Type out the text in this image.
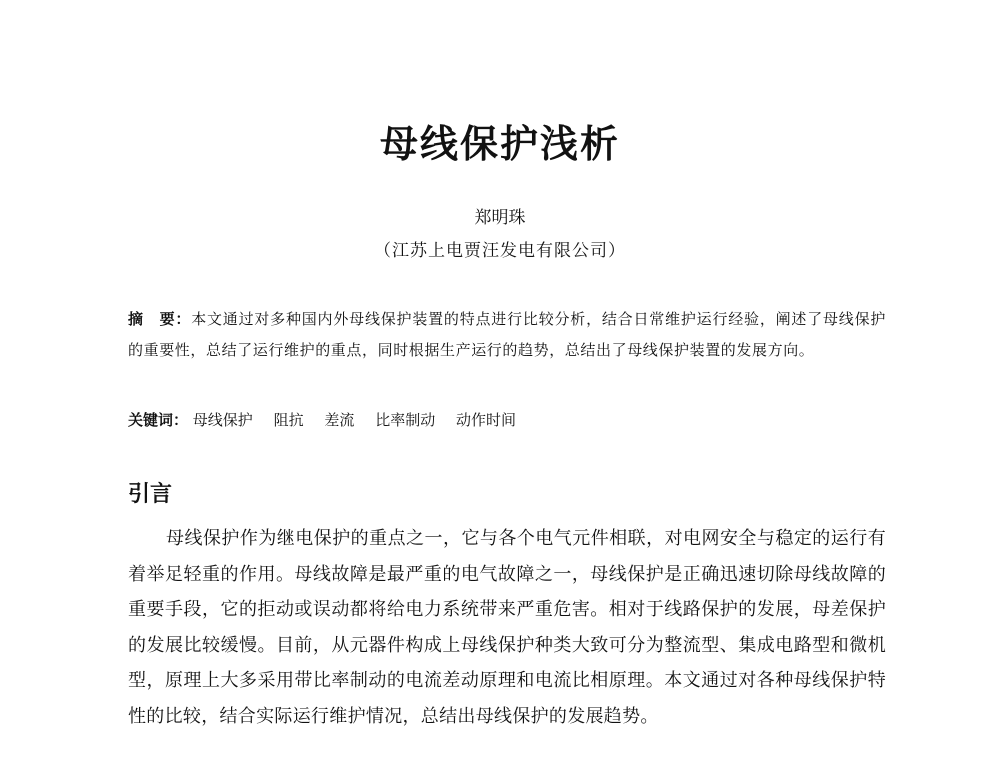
母线保护浅析
郑明珠
（江苏上电贾汪发电有限公司）
摘　要：本文通过对多种国内外母线保护装置的特点进行比较分析，结合日常维护运行经验，阐述了母线保护的重要性，总结了运行维护的重点，同时根据生产运行的趋势，总结出了母线保护装置的发展方向。
关键词： 母线保护 阻抗 差流 比率制动 动作时间
引言
母线保护作为继电保护的重点之一，它与各个电气元件相联，对电网安全与稳定的运行有着举足轻重的作用。母线故障是最严重的电气故障之一，母线保护是正确迅速切除母线故障的重要手段，它的拒动或误动都将给电力系统带来严重危害。相对于线路保护的发展，母差保护的发展比较缓慢。目前，从元器件构成上母线保护种类大致可分为整流型、集成电路型和微机型，原理上大多采用带比率制动的电流差动原理和电流比相原理。本文通过对各种母线保护特性的比较，结合实际运行维护情况，总结出母线保护的发展趋势。
